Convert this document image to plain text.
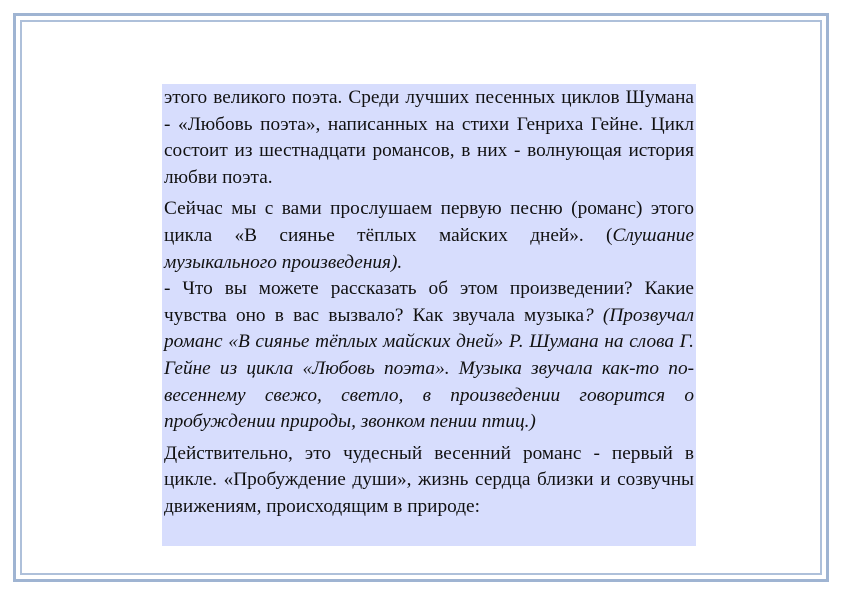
этого великого поэта. Среди лучших песенных циклов Шумана - «Любовь поэта», написанных на стихи Генриха Гейне. Цикл состоит из шестнадцати романсов, в них - волнующая история любви поэта.

Сейчас мы с вами прослушаем первую песню (романс) этого цикла «В сиянье тёплых майских дней». (Слушание музыкального произведения).

- Что вы можете рассказать об этом произведении? Какие чувства оно в вас вызвало? Как звучала музыка? (Прозвучал романс «В сиянье тёплых майских дней» Р. Шумана на слова Г. Гейне из цикла «Любовь поэта». Музыка звучала как-то по-весеннему свежо, светло, в произведении говорится о пробуждении природы, звонком пении птиц.)

Действительно, это чудесный весенний романс - первый в цикле. «Пробуждение души», жизнь сердца близки и созвучны движениям, происходящим в природе:
